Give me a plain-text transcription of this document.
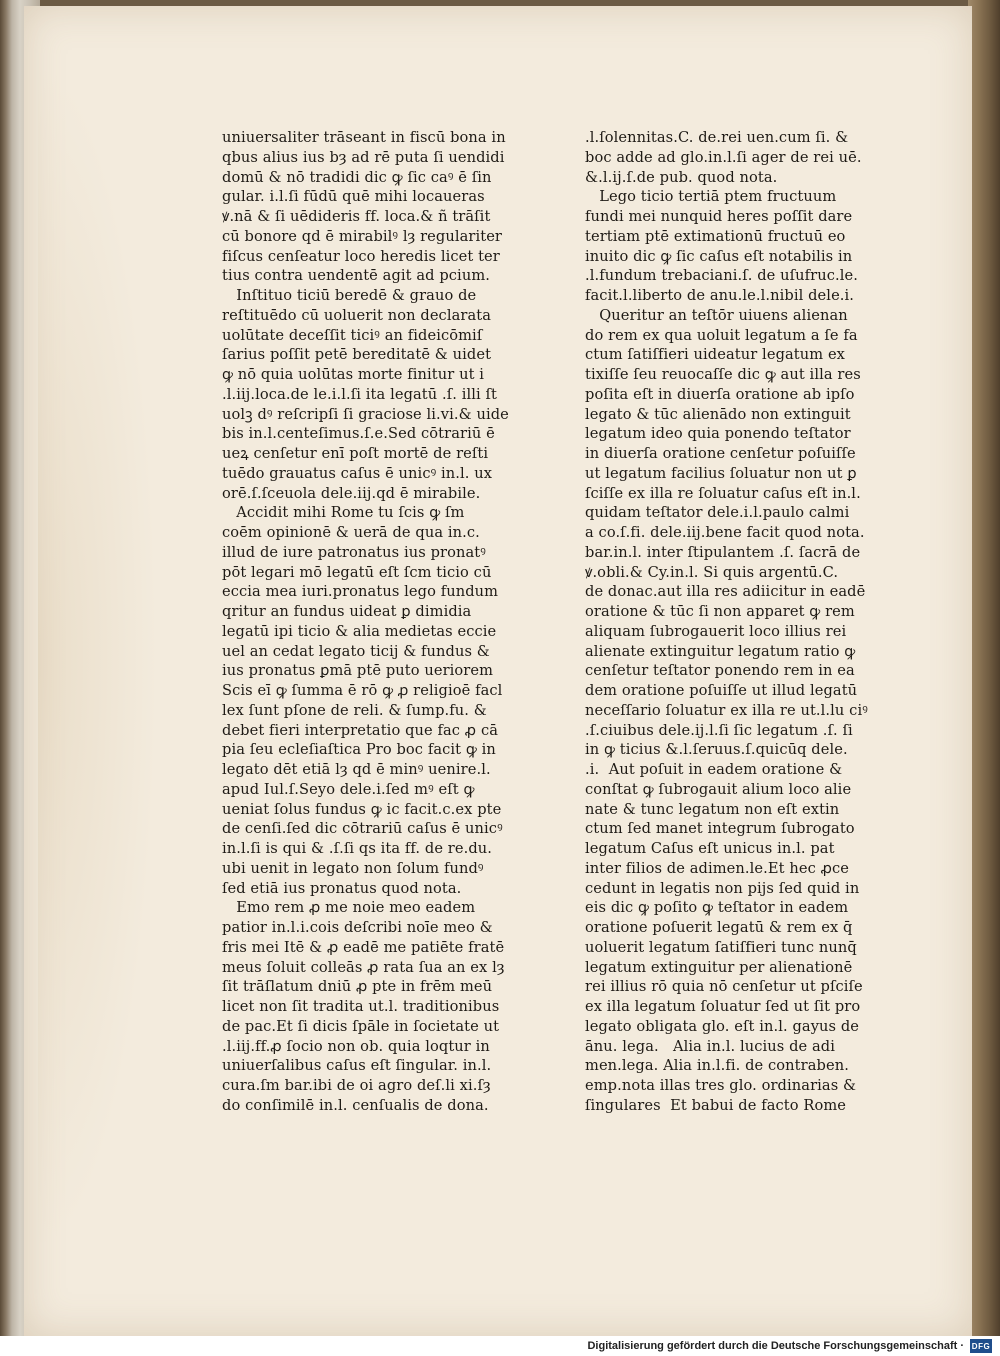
uniuersaliter trāseant in fiscū bona in
qbus alius ius bȝ ad rē puta ſi uendidi
domū & nō tradidi dic ꝙ ſic caꝰ ē ſin
gular. i.l.ſi fūdū quē mihi locaueras
ꝟ.nā & ſi uēdideris ff. loca.& ñ trāſit
cū bonore qd ē mirabilꝰ lȝ regulariter
fiſcus cenſeatur loco heredis licet ter
tius contra uendentē agit ad pcium.
Inſtituo ticiū beredē & grauo de
reſtituēdo cū uoluerit non declarata
uolūtate deceſſit ticiꝰ an fideicōmiſ
ſarius poſſit petē bereditatē & uidet
ꝙ nō quia uolūtas morte finitur ut i
.l.iij.loca.de le.i.l.ſi ita legatū .ſ. illi ſt
uolꝫ dꝰ reſcripſi ſi graciose li.vi.& uide
bis in.l.centeſimus.ſ.e.Sed cōtrariū ē
ueꝝ cenſetur enī poſt mortē de reſti
tuēdo grauatus caſus ē unicꝰ in.l. ux
orē.ſ.ſceuola dele.iij.qd ē mirabile.
Accidit mihi Rome tu ſcis ꝙ ſm
coēm opinionē & uerā de qua in.c.
illud de iure patronatus ius pronatꝰ
pōt legari mō legatū eſt ſcm ticio cū
eccia mea iuri.pronatus lego fundum
qritur an fundus uideat ꝑ dimidia
legatū ipi ticio & alia medietas eccie
uel an cedat legato ticij & fundus &
ius pronatus ꝑmā ptē puto ueriorem
Scis eī ꝙ ſumma ē rō ꝙ ꝓ religioē facl
lex ſunt pſone de reli. & ſump.fu. &
debet fieri interpretatio que fac ꝓ cā
pia ſeu ecleſiaſtica Pro boc facit ꝙ in
legato dēt etiā lȝ qd ē minꝰ uenire.l.
apud Iul.ſ.Seyo dele.i.ſed mꝰ eſt ꝙ
ueniat ſolus fundus ꝙ ic facit.c.ex pte
de cenſi.ſed dic cōtrariū caſus ē unicꝰ
in.l.ſi is qui & .ſ.ſi qs ita ff. de re.du.
ubi uenit in legato non ſolum fundꝰ
ſed etiā ius pronatus quod nota.
Emo rem ꝓ me noie meo eadem
patior in.l.i.cois deſcribi noīe meo &
fris mei Itē & ꝓ eadē me patiēte fratē
meus ſoluit colleās ꝓ rata ſua an ex lȝ
ſit trāſlatum dniū ꝓ pte in frēm meū
licet non ſit tradita ut.l. traditionibus
de pac.Et ſi dicis ſpāle in ſocietate ut
.l.iij.ff.ꝓ ſocio non ob. quia loqtur in
uniuerſalibus caſus eſt ſingular. in.l.
cura.ſm bar.ibi de oi agro deſ.li xi.ſȝ
do conſimilē in.l. cenſualis de dona.
.l.ſolennitas.C. de.rei uen.cum ſi. &
boc adde ad glo.in.l.ſi ager de rei uē.
&.l.ij.ſ.de pub. quod nota.
Lego ticio tertiā ptem fructuum
fundi mei nunquid heres poſſit dare
tertiam ptē extimationū fructuū eo
inuito dic ꝙ ſic caſus eſt notabilis in
.l.fundum trebaciani.ſ. de uſufruc.le.
facit.l.liberto de anu.le.l.nibil dele.i.
Queritur an teſtōr uiuens alienan
do rem ex qua uoluit legatum a ſe fa
ctum ſatiſfieri uideatur legatum ex
tixiſſe ſeu reuocaſſe dic ꝙ aut illa res
poſita eſt in diuerſa oratione ab ipſo
legato & tūc alienādo non extinguit
legatum ideo quia ponendo teſtator
in diuerſa oratione cenſetur poſuiſſe
ut legatum facilius ſoluatur non ut ꝑ
ſciſſe ex illa re ſoluatur caſus eſt in.l.
quidam teſtator dele.i.l.paulo calmi
a co.ſ.fi. dele.iij.bene facit quod nota.
bar.in.l. inter ſtipulantem .ſ. ſacrā de
ꝟ.obli.& Cy.in.l. Si quis argentū.C.
de donac.aut illa res adiicitur in eadē
oratione & tūc ſi non apparet ꝙ rem
aliquam ſubrogauerit loco illius rei
alienate extinguitur legatum ratio ꝙ
cenſetur teſtator ponendo rem in ea
dem oratione poſuiſſe ut illud legatū
neceſſario ſoluatur ex illa re ut.l.lu ciꝰ
.ſ.ciuibus dele.ij.l.ſi ſic legatum .ſ. ſi
in ꝙ ticius &.l.ſeruus.ſ.quicūq dele.
.i.  Aut poſuit in eadem oratione &
conſtat ꝙ ſubrogauit alium loco alie
nate & tunc legatum non eſt extin
ctum ſed manet integrum ſubrogato
legatum Caſus eſt unicus in.l. pat
inter filios de adimen.le.Et hec ꝓce
cedunt in legatis non pijs ſed quid in
eis dic ꝙ poſito ꝙ teſtator in eadem
oratione poſuerit legatū & rem ex q̄
uoluerit legatum ſatiſfieri tunc nunq̄
legatum extinguitur per alienationē
rei illius rō quia nō cenſetur ut pſciſe
ex illa legatum ſoluatur ſed ut ſit pro
legato obligata glo. eſt in.l. gayus de
ānu. lega.   Alia in.l. lucius de adi
men.lega. Alia in.l.fi. de contraben.
emp.nota illas tres glo. ordinarias &
ſingulares  Et babui de facto Rome
Digitalisierung gefördert durch die Deutsche Forschungsgemeinschaft · DFG
